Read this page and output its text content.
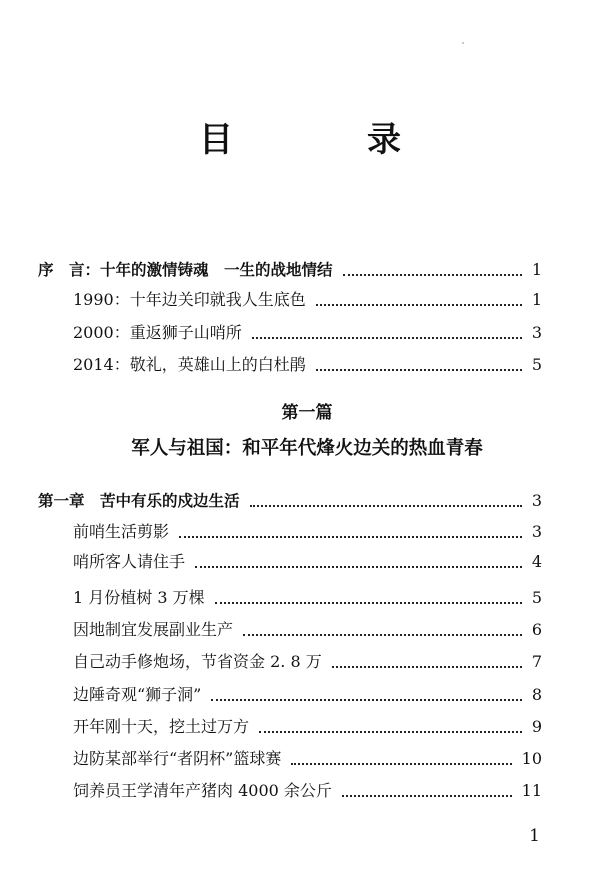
目　录
序　言：十年的激情铸魂　一生的战地情结	1
1990：十年边关印就我人生底色	1
2000：重返狮子山哨所	3
2014：敬礼，英雄山上的白杜鹃	5
第一篇
军人与祖国：和平年代烽火边关的热血青春
第一章　苦中有乐的戍边生活	3
前哨生活剪影	3
哨所客人请住手	4
1 月份植树 3 万棵	5
因地制宜发展副业生产	6
自己动手修炮场，节省资金 2. 8 万	7
边陲奇观“狮子洞”	8
开年刚十天，挖土过万方	9
边防某部举行“者阴杯”篮球赛	10
饲养员王学清年产猪肉 4000 余公斤	11
1
